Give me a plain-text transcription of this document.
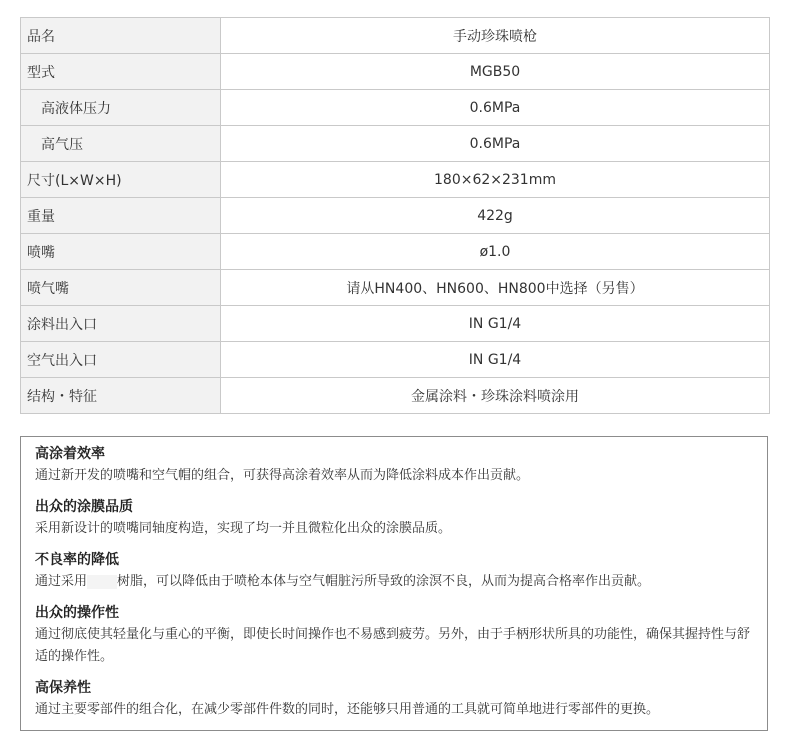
品名	手动珍珠喷枪
型式	MGB50
高液体压力	0.6MPa
高气压	0.6MPa
尺寸(L×W×H)	180×62×231mm
重量	422g
喷嘴	ø1.0
喷气嘴	请从HN400、HN600、HN800中选择（另售）
涂料出入口	IN G1/4
空气出入口	IN G1/4
结构・特征	金属涂料・珍珠涂料喷涂用
高涂着效率
通过新开发的喷嘴和空气帽的组合，可获得高涂着效率从而为降低涂料成本作出贡献。
出众的涂膜品质
采用新设计的喷嘴同轴度构造，实现了均一并且微粒化出众的涂膜品质。
不良率的降低
通过采用 树脂，可以降低由于喷枪本体与空气帽脏污所导致的涂溟不良，从而为提高合格率作出贡献。
出众的操作性
通过彻底使其轻量化与重心的平衡，即使长时间操作也不易感到疲劳。另外，由于手柄形状所具的功能性，确保其握持性与舒适的操作性。
高保养性
通过主要零部件的组合化，在减少零部件件数的同时，还能够只用普通的工具就可简单地进行零部件的更换。
